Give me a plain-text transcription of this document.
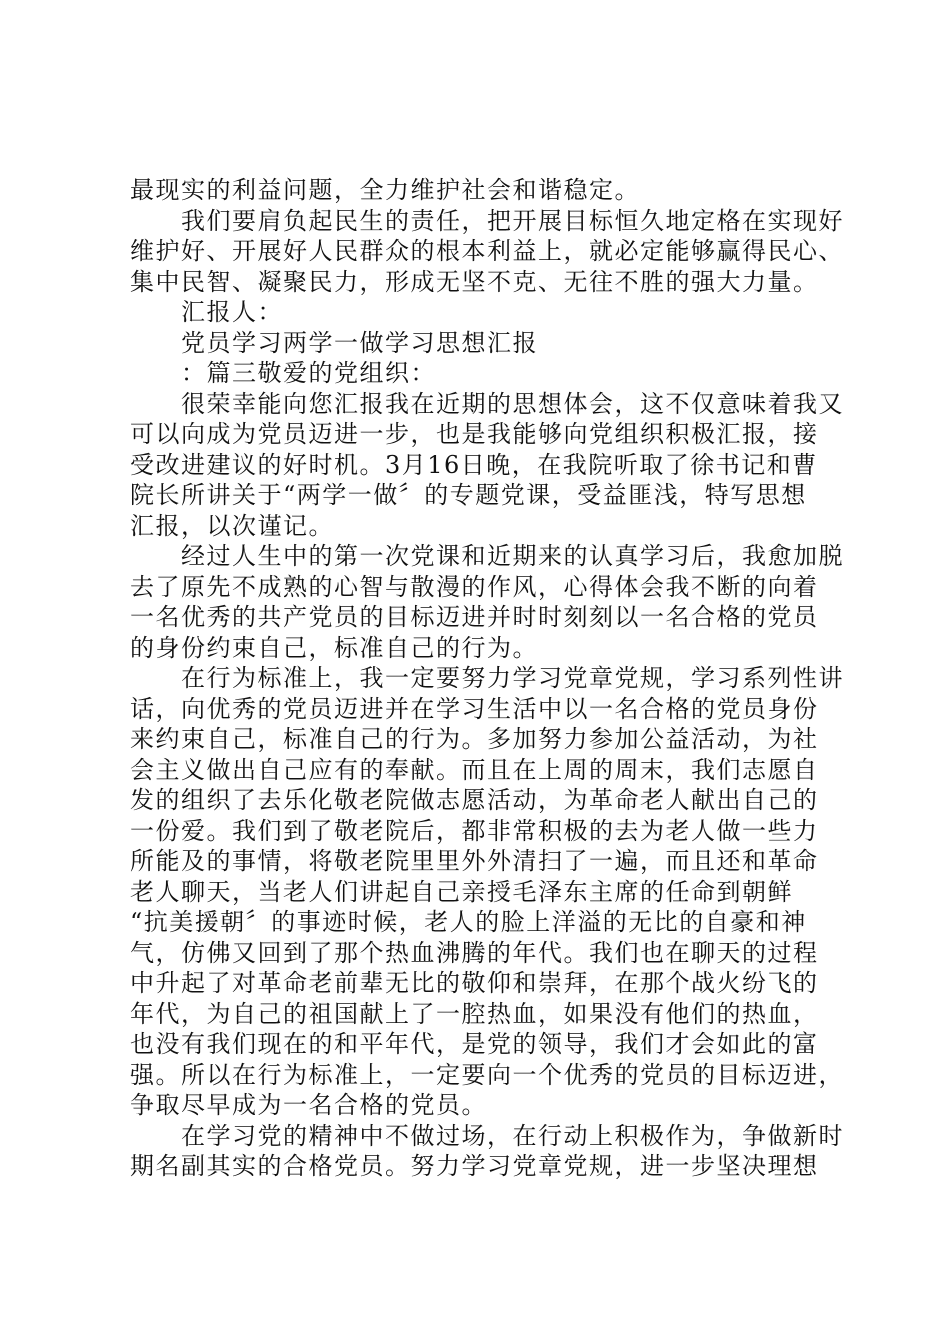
最现实的利益问题，全力维护社会和谐稳定。
我们要肩负起民生的责任，把开展目标恒久地定格在实现好
维护好、开展好人民群众的根本利益上，就必定能够赢得民心、
集中民智、凝聚民力，形成无坚不克、无往不胜的强大力量。
汇报人：
党员学习两学一做学习思想汇报
：篇三敬爱的党组织：
很荣幸能向您汇报我在近期的思想体会，这不仅意味着我又
可以向成为党员迈进一步，也是我能够向党组织积极汇报，接
受改进建议的好时机。3月16日晚，在我院听取了徐书记和曹
院长所讲关于“两学一做〞的专题党课，受益匪浅，特写思想
汇报，以次谨记。
经过人生中的第一次党课和近期来的认真学习后，我愈加脱
去了原先不成熟的心智与散漫的作风，心得体会我不断的向着
一名优秀的共产党员的目标迈进并时时刻刻以一名合格的党员
的身份约束自己，标准自己的行为。
在行为标准上，我一定要努力学习党章党规，学习系列性讲
话，向优秀的党员迈进并在学习生活中以一名合格的党员身份
来约束自己，标准自己的行为。多加努力参加公益活动，为社
会主义做出自己应有的奉献。而且在上周的周末，我们志愿自
发的组织了去乐化敬老院做志愿活动，为革命老人献出自己的
一份爱。我们到了敬老院后，都非常积极的去为老人做一些力
所能及的事情，将敬老院里里外外清扫了一遍，而且还和革命
老人聊天，当老人们讲起自己亲授毛泽东主席的任命到朝鲜
“抗美援朝〞的事迹时候，老人的脸上洋溢的无比的自豪和神
气，仿佛又回到了那个热血沸腾的年代。我们也在聊天的过程
中升起了对革命老前辈无比的敬仰和崇拜，在那个战火纷飞的
年代，为自己的祖国献上了一腔热血，如果没有他们的热血，
也没有我们现在的和平年代，是党的领导，我们才会如此的富
强。所以在行为标准上，一定要向一个优秀的党员的目标迈进，
争取尽早成为一名合格的党员。
在学习党的精神中不做过场，在行动上积极作为，争做新时
期名副其实的合格党员。努力学习党章党规，进一步坚决理想
